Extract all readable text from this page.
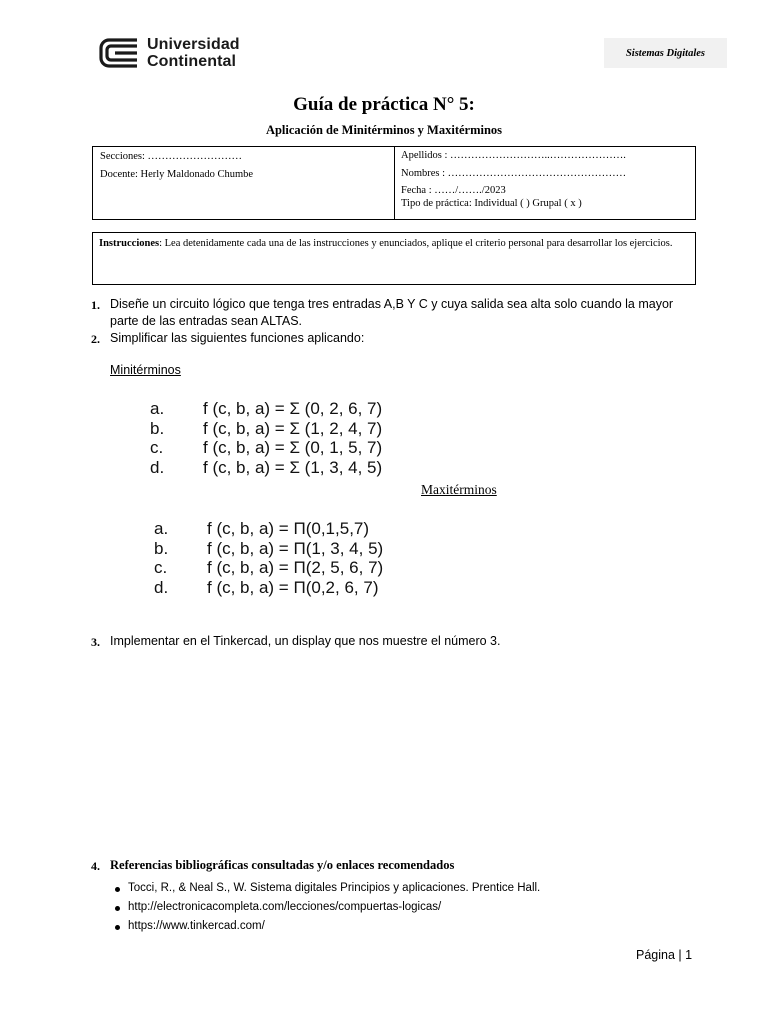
Universidad
Continental	Sistemas Digitales
Guía de práctica N° 5:
Aplicación de Minitérminos y Maxitérminos
Secciones: ………………………
Docente: Herly Maldonado Chumbe
Apellidos : ………………………..………………….
Nombres : ……………………………………………
Fecha : ……/……./2023
Tipo de práctica: Individual ( ) Grupal ( x )
Instrucciones: Lea detenidamente cada una de las instrucciones y enunciados, aplique el criterio personal para desarrollar los ejercicios.
1. Diseñe un circuito lógico que tenga tres entradas A,B Y C y cuya salida sea alta solo cuando la mayor
parte de las entradas sean ALTAS.
2. Simplificar las siguientes funciones aplicando:
Minitérminos
a. f (c, b, a) = Σ (0, 2, 6, 7)
b. f (c, b, a) = Σ (1, 2, 4, 7)
c. f (c, b, a) = Σ (0, 1, 5, 7)
d. f (c, b, a) = Σ (1, 3, 4, 5)
Maxitérminos
a. f (c, b, a) = Π(0,1,5,7)
b. f (c, b, a) = Π(1, 3, 4, 5)
c. f (c, b, a) = Π(2, 5, 6, 7)
d. f (c, b, a) = Π(0,2, 6, 7)
3. Implementar en el Tinkercad, un display que nos muestre el número 3.
4. Referencias bibliográficas consultadas y/o enlaces recomendados
Tocci, R., & Neal S., W. Sistema digitales Principios y aplicaciones. Prentice Hall.
http://electronicacompleta.com/lecciones/compuertas-logicas/
https://www.tinkercad.com/
Página | 1
